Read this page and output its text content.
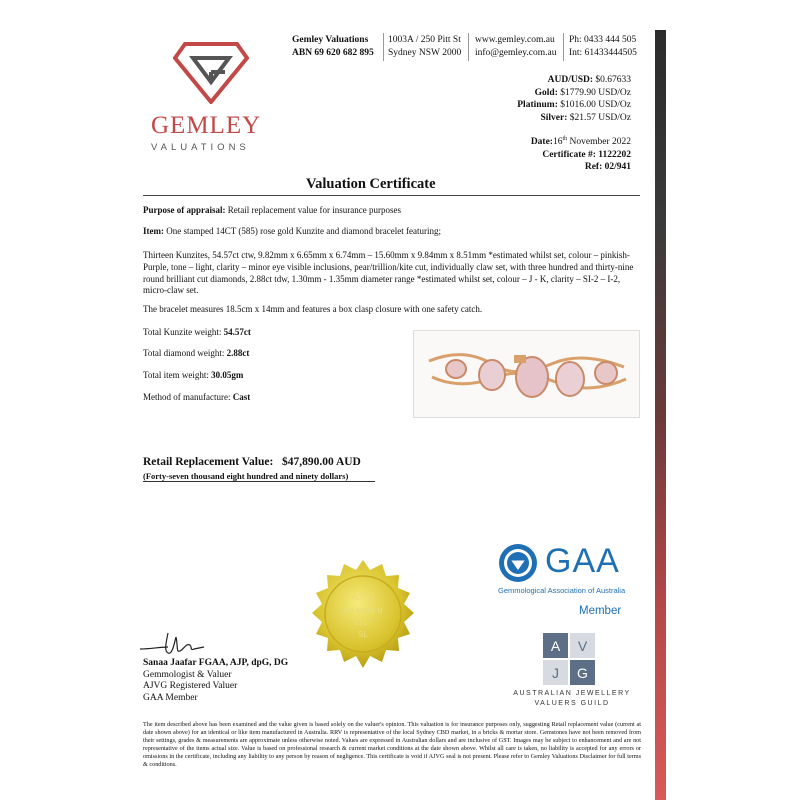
GEMLEY
VALUATIONS
Gemley Valuations
ABN 69 620 682 895
1003A / 250 Pitt St
Sydney NSW 2000
www.gemley.com.au
info@gemley.com.au
Ph: 0433 444 505
Int: 61433444505
AUD/USD: $0.67633
Gold: $1779.90 USD/Oz
Platinum: $1016.00 USD/Oz
Silver: $21.57 USD/Oz
Date:16th November 2022
Certificate #: 1122202
Ref: 02/941
Valuation Certificate
Purpose of appraisal: Retail replacement value for insurance purposes
Item: One stamped 14CT (585) rose gold Kunzite and diamond bracelet featuring;
Thirteen Kunzites, 54.57ct ctw, 9.82mm x 6.65mm x 6.74mm – 15.60mm x 9.84mm x 8.51mm *estimated whilst set, colour – pinkish-Purple, tone – light, clarity – minor eye visible inclusions, pear/trillion/kite cut, individually claw set, with three hundred and thirty-nine round brilliant cut diamonds, 2.88ct tdw, 1.30mm - 1.35mm diameter range *estimated whilst set, colour – J - K, clarity – SI-2 – I-2, micro-claw set.
The bracelet measures 18.5cm x 14mm and features a box clasp closure with one safety catch.
Total Kunzite weight: 54.57ct
Total diamond weight: 2.88ct
Total item weight: 30.05gm
Method of manufacture: Cast
Retail Replacement Value: $47,890.00 AUD
(Forty-seven thousand eight hundred and ninety dollars)
AJVG
NO NOTE N
1717
SL
GAA
Gemmological Association of Australia
Member
A V
J G
AUSTRALIAN JEWELLERY
VALUERS GUILD
Sanaa Jaafar FGAA, AJP, dpG, DG
Gemmologist & Valuer
AJVG Registered Valuer
GAA Member
The item described above has been examined and the value given is based solely on the valuer's opinion. This valuation is for insurance purposes only, suggesting Retail replacement value (current at date shown above) for an identical or like item manufactured in Australia. RRV is representative of the local Sydney CBD market, in a bricks & mortar store. Gemstones have not been removed from their settings, grades & measurements are approximate unless otherwise noted. Values are expressed in Australian dollars and are inclusive of GST. Images may be subject to enhancement and are not representative of the items actual size. Value is based on professional research & current market conditions at the date shown above. Whilst all care is taken, no liability is accepted for any errors or omissions in the certificate, including any liability to any person by reason of negligence. This certificate is void if AJVG seal is not present. Please refer to Gemley Valuations Disclaimer for full terms & conditions.
